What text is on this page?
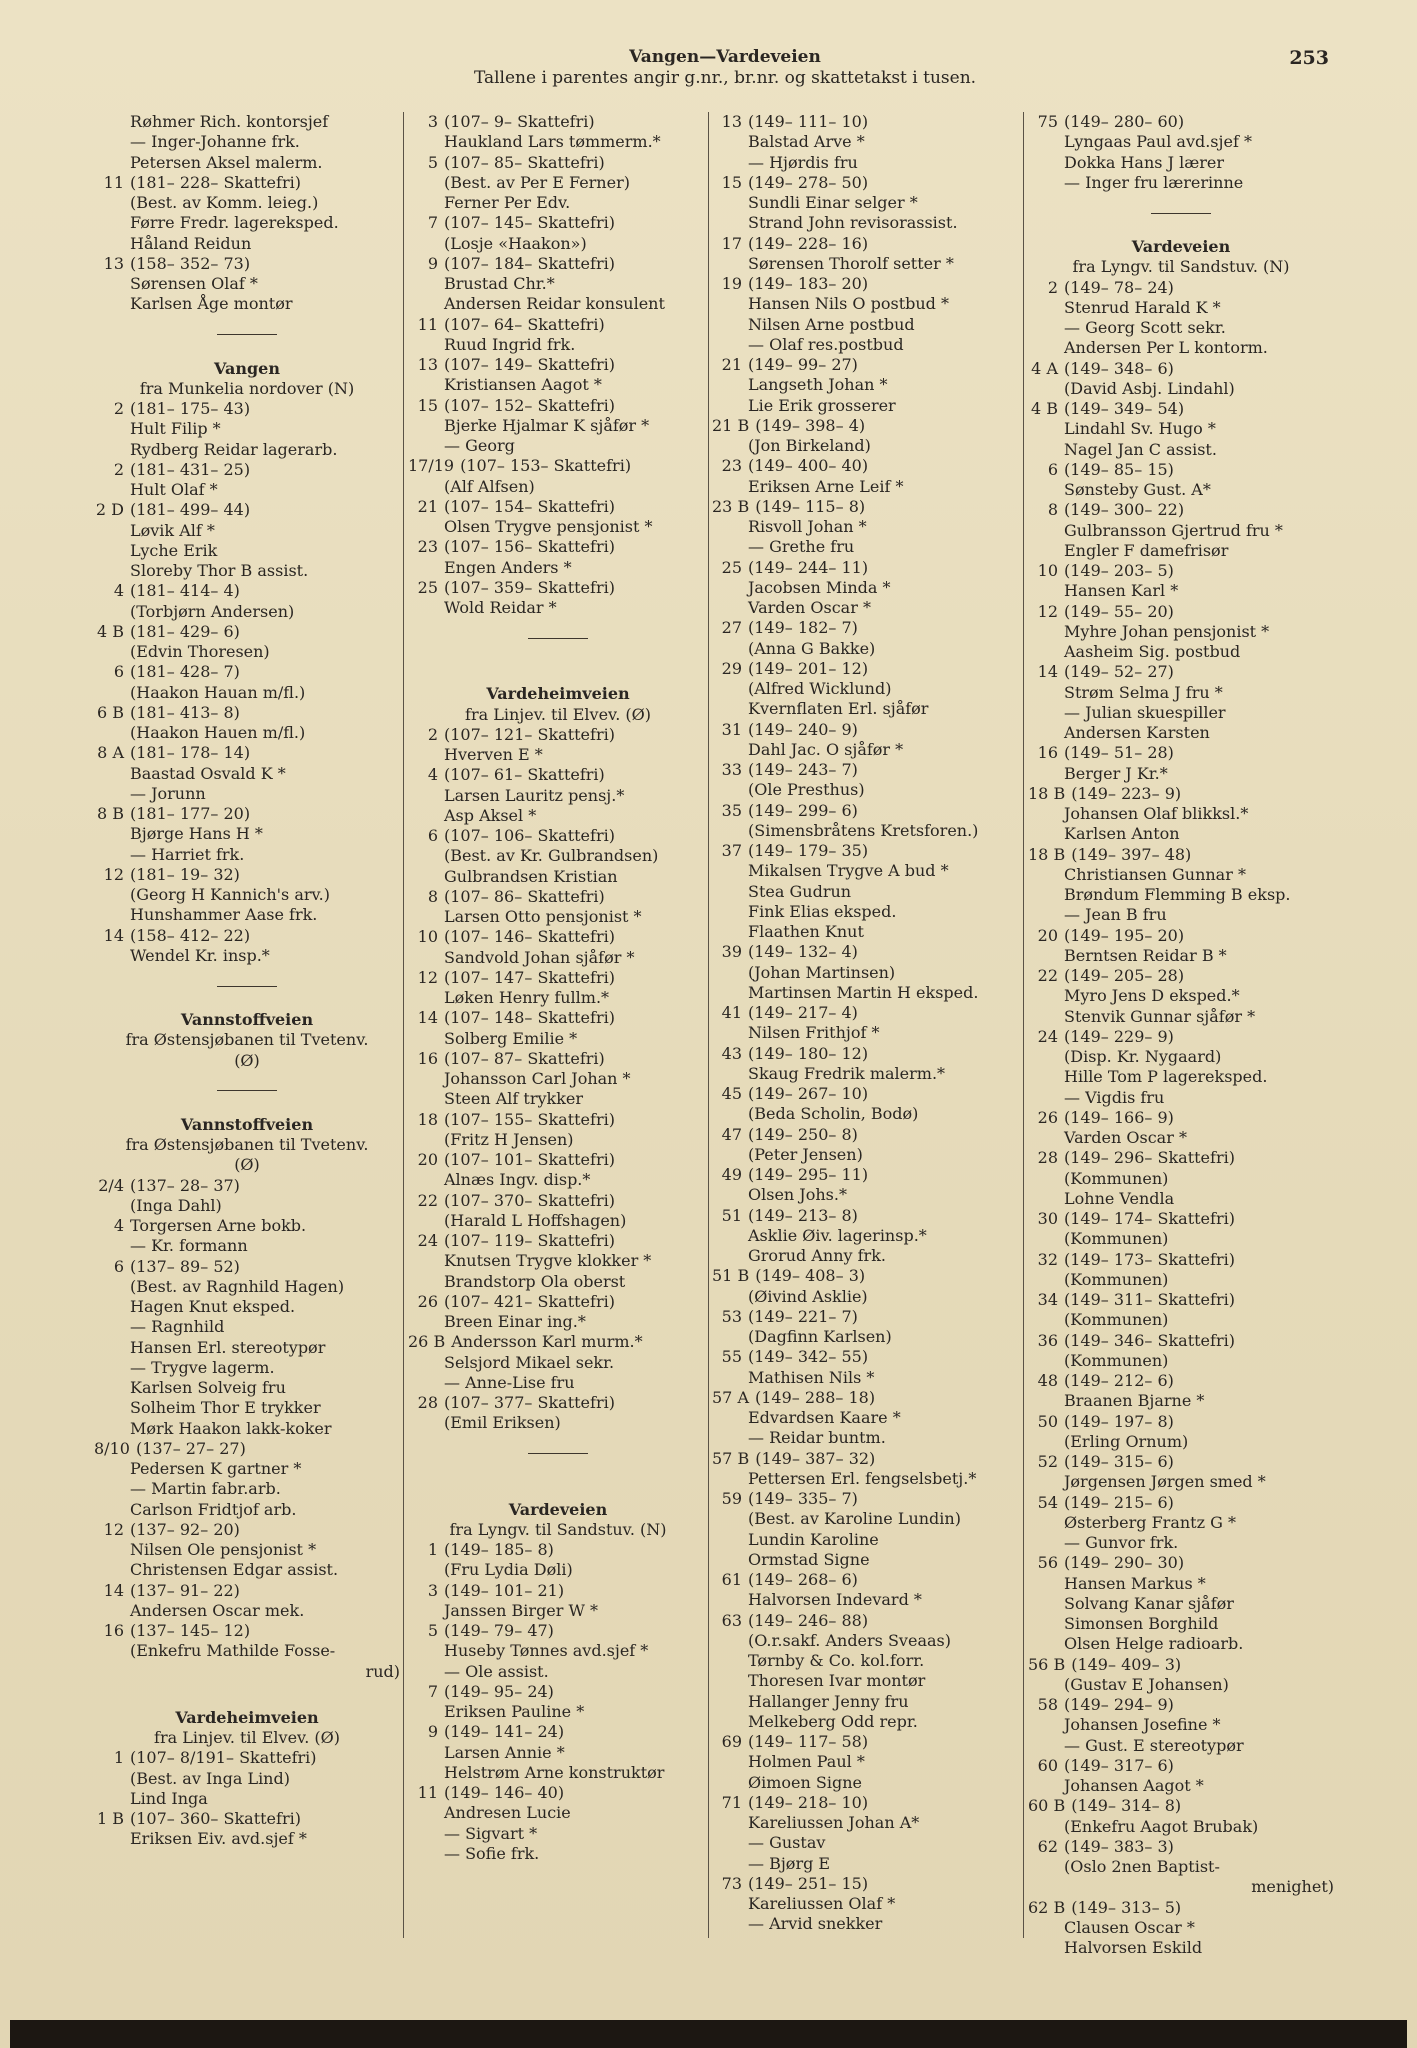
Vangen—Vardeveien
Tallene i parentes angir g.nr., br.nr. og skattetakst i tusen.
253
Røhmer Rich. kontorsjef
— Inger-Johanne frk.
Petersen Aksel malerm.
11 (181– 228– Skattefri)
(Best. av Komm. leieg.)
Førre Fredr. lagereksped.
Håland Reidun
13 (158– 352– 73)
Sørensen Olaf *
Karlsen Åge montør
Vangen
fra Munkelia nordover (N)
2 (181– 175– 43)
Hult Filip *
Rydberg Reidar lagerarb.
2 (181– 431– 25)
Hult Olaf *
2 D (181– 499– 44)
Løvik Alf *
Lyche Erik
Sloreby Thor B assist.
4 (181– 414– 4)
(Torbjørn Andersen)
4 B (181– 429– 6)
(Edvin Thoresen)
6 (181– 428– 7)
(Haakon Hauan m/fl.)
6 B (181– 413– 8)
(Haakon Hauen m/fl.)
8 A (181– 178– 14)
Baastad Osvald K *
— Jorunn
8 B (181– 177– 20)
Bjørge Hans H *
— Harriet frk.
12 (181– 19– 32)
(Georg H Kannich's arv.)
Hunshammer Aase frk.
14 (158– 412– 22)
Wendel Kr. insp.*
Vannstoffveien
fra Østensjøbanen til Tvetenv.
(Ø)
Vannstoffveien
fra Østensjøbanen til Tvetenv.
(Ø)
2/4 (137– 28– 37)
(Inga Dahl)
4 Torgersen Arne bokb.
— Kr. formann
6 (137– 89– 52)
(Best. av Ragnhild Hagen)
Hagen Knut eksped.
— Ragnhild
Hansen Erl. stereotypør
— Trygve lagerm.
Karlsen Solveig fru
Solheim Thor E trykker
Mørk Haakon lakk-koker
8/10 (137– 27– 27)
Pedersen K gartner *
— Martin fabr.arb.
Carlson Fridtjof arb.
12 (137– 92– 20)
Nilsen Ole pensjonist *
Christensen Edgar assist.
14 (137– 91– 22)
Andersen Oscar mek.
16 (137– 145– 12)
(Enkefru Mathilde Fosse-
rud)
Vardeheimveien
fra Linjev. til Elvev. (Ø)
1 (107– 8/191– Skattefri)
(Best. av Inga Lind)
Lind Inga
1 B (107– 360– Skattefri)
Eriksen Eiv. avd.sjef *
3 (107– 9– Skattefri)
Haukland Lars tømmerm.*
5 (107– 85– Skattefri)
(Best. av Per E Ferner)
Ferner Per Edv.
7 (107– 145– Skattefri)
(Losje «Haakon»)
9 (107– 184– Skattefri)
Brustad Chr.*
Andersen Reidar konsulent
11 (107– 64– Skattefri)
Ruud Ingrid frk.
13 (107– 149– Skattefri)
Kristiansen Aagot *
15 (107– 152– Skattefri)
Bjerke Hjalmar K sjåfør *
— Georg
17/19 (107– 153– Skattefri)
(Alf Alfsen)
21 (107– 154– Skattefri)
Olsen Trygve pensjonist *
23 (107– 156– Skattefri)
Engen Anders *
25 (107– 359– Skattefri)
Wold Reidar *
Vardeheimveien
fra Linjev. til Elvev. (Ø)
2 (107– 121– Skattefri)
Hverven E *
4 (107– 61– Skattefri)
Larsen Lauritz pensj.*
Asp Aksel *
6 (107– 106– Skattefri)
(Best. av Kr. Gulbrandsen)
Gulbrandsen Kristian
8 (107– 86– Skattefri)
Larsen Otto pensjonist *
10 (107– 146– Skattefri)
Sandvold Johan sjåfør *
12 (107– 147– Skattefri)
Løken Henry fullm.*
14 (107– 148– Skattefri)
Solberg Emilie *
16 (107– 87– Skattefri)
Johansson Carl Johan *
Steen Alf trykker
18 (107– 155– Skattefri)
(Fritz H Jensen)
20 (107– 101– Skattefri)
Alnæs Ingv. disp.*
22 (107– 370– Skattefri)
(Harald L Hoffshagen)
24 (107– 119– Skattefri)
Knutsen Trygve klokker *
Brandstorp Ola oberst
26 (107– 421– Skattefri)
Breen Einar ing.*
26 B Andersson Karl murm.*
Selsjord Mikael sekr.
— Anne-Lise fru
28 (107– 377– Skattefri)
(Emil Eriksen)
Vardeveien
fra Lyngv. til Sandstuv. (N)
1 (149– 185– 8)
(Fru Lydia Døli)
3 (149– 101– 21)
Janssen Birger W *
5 (149– 79– 47)
Huseby Tønnes avd.sjef *
— Ole assist.
7 (149– 95– 24)
Eriksen Pauline *
9 (149– 141– 24)
Larsen Annie *
Helstrøm Arne konstruktør
11 (149– 146– 40)
Andresen Lucie
— Sigvart *
— Sofie frk.
13 (149– 111– 10)
Balstad Arve *
— Hjørdis fru
15 (149– 278– 50)
Sundli Einar selger *
Strand John revisorassist.
17 (149– 228– 16)
Sørensen Thorolf setter *
19 (149– 183– 20)
Hansen Nils O postbud *
Nilsen Arne postbud
— Olaf res.postbud
21 (149– 99– 27)
Langseth Johan *
Lie Erik grosserer
21 B (149– 398– 4)
(Jon Birkeland)
23 (149– 400– 40)
Eriksen Arne Leif *
23 B (149– 115– 8)
Risvoll Johan *
— Grethe fru
25 (149– 244– 11)
Jacobsen Minda *
Varden Oscar *
27 (149– 182– 7)
(Anna G Bakke)
29 (149– 201– 12)
(Alfred Wicklund)
Kvernflaten Erl. sjåfør
31 (149– 240– 9)
Dahl Jac. O sjåfør *
33 (149– 243– 7)
(Ole Presthus)
35 (149– 299– 6)
(Simensbråtens Kretsforen.)
37 (149– 179– 35)
Mikalsen Trygve A bud *
Stea Gudrun
Fink Elias eksped.
Flaathen Knut
39 (149– 132– 4)
(Johan Martinsen)
Martinsen Martin H eksped.
41 (149– 217– 4)
Nilsen Frithjof *
43 (149– 180– 12)
Skaug Fredrik malerm.*
45 (149– 267– 10)
(Beda Scholin, Bodø)
47 (149– 250– 8)
(Peter Jensen)
49 (149– 295– 11)
Olsen Johs.*
51 (149– 213– 8)
Asklie Øiv. lagerinsp.*
Grorud Anny frk.
51 B (149– 408– 3)
(Øivind Asklie)
53 (149– 221– 7)
(Dagfinn Karlsen)
55 (149– 342– 55)
Mathisen Nils *
57 A (149– 288– 18)
Edvardsen Kaare *
— Reidar buntm.
57 B (149– 387– 32)
Pettersen Erl. fengselsbetj.*
59 (149– 335– 7)
(Best. av Karoline Lundin)
Lundin Karoline
Ormstad Signe
61 (149– 268– 6)
Halvorsen Indevard *
63 (149– 246– 88)
(O.r.sakf. Anders Sveaas)
Tørnby & Co. kol.forr.
Thoresen Ivar montør
Hallanger Jenny fru
Melkeberg Odd repr.
69 (149– 117– 58)
Holmen Paul *
Øimoen Signe
71 (149– 218– 10)
Kareliussen Johan A*
— Gustav
— Bjørg E
73 (149– 251– 15)
Kareliussen Olaf *
— Arvid snekker
75 (149– 280– 60)
Lyngaas Paul avd.sjef *
Dokka Hans J lærer
— Inger fru lærerinne
Vardeveien
fra Lyngv. til Sandstuv. (N)
2 (149– 78– 24)
Stenrud Harald K *
— Georg Scott sekr.
Andersen Per L kontorm.
4 A (149– 348– 6)
(David Asbj. Lindahl)
4 B (149– 349– 54)
Lindahl Sv. Hugo *
Nagel Jan C assist.
6 (149– 85– 15)
Sønsteby Gust. A*
8 (149– 300– 22)
Gulbransson Gjertrud fru *
Engler F damefrisør
10 (149– 203– 5)
Hansen Karl *
12 (149– 55– 20)
Myhre Johan pensjonist *
Aasheim Sig. postbud
14 (149– 52– 27)
Strøm Selma J fru *
— Julian skuespiller
Andersen Karsten
16 (149– 51– 28)
Berger J Kr.*
18 B (149– 223– 9)
Johansen Olaf blikksl.*
Karlsen Anton
18 B (149– 397– 48)
Christiansen Gunnar *
Brøndum Flemming B eksp.
— Jean B fru
20 (149– 195– 20)
Berntsen Reidar B *
22 (149– 205– 28)
Myro Jens D eksped.*
Stenvik Gunnar sjåfør *
24 (149– 229– 9)
(Disp. Kr. Nygaard)
Hille Tom P lagereksped.
— Vigdis fru
26 (149– 166– 9)
Varden Oscar *
28 (149– 296– Skattefri)
(Kommunen)
Lohne Vendla
30 (149– 174– Skattefri)
(Kommunen)
32 (149– 173– Skattefri)
(Kommunen)
34 (149– 311– Skattefri)
(Kommunen)
36 (149– 346– Skattefri)
(Kommunen)
48 (149– 212– 6)
Braanen Bjarne *
50 (149– 197– 8)
(Erling Ornum)
52 (149– 315– 6)
Jørgensen Jørgen smed *
54 (149– 215– 6)
Østerberg Frantz G *
— Gunvor frk.
56 (149– 290– 30)
Hansen Markus *
Solvang Kanar sjåfør
Simonsen Borghild
Olsen Helge radioarb.
56 B (149– 409– 3)
(Gustav E Johansen)
58 (149– 294– 9)
Johansen Josefine *
— Gust. E stereotypør
60 (149– 317– 6)
Johansen Aagot *
60 B (149– 314– 8)
(Enkefru Aagot Brubak)
62 (149– 383– 3)
(Oslo 2nen Baptist-
menighet)
62 B (149– 313– 5)
Clausen Oscar *
Halvorsen Eskild
